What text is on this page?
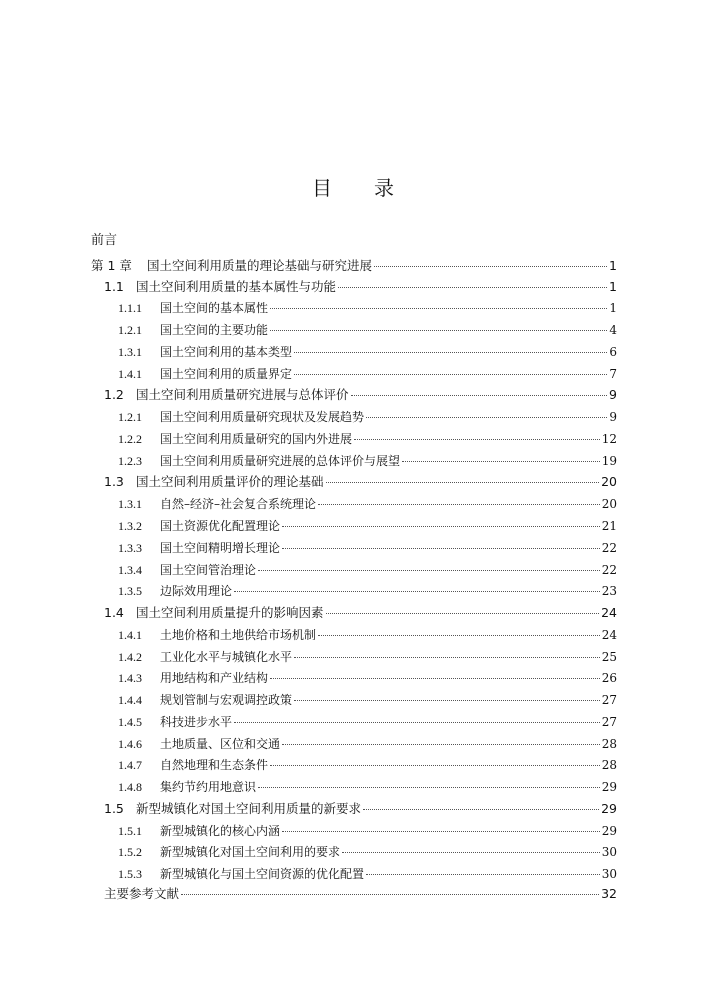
目 录
前言
第 1 章	国土空间利用质量的理论基础与研究进展	1
1.1 国土空间利用质量的基本属性与功能	1
1.1.1	国土空间的基本属性	1
1.2.1	国土空间的主要功能	4
1.3.1	国土空间利用的基本类型	6
1.4.1	国土空间利用的质量界定	7
1.2 国土空间利用质量研究进展与总体评价	9
1.2.1	国土空间利用质量研究现状及发展趋势	9
1.2.2	国土空间利用质量研究的国内外进展	12
1.2.3	国土空间利用质量研究进展的总体评价与展望	19
1.3 国土空间利用质量评价的理论基础	20
1.3.1	自然–经济–社会复合系统理论	20
1.3.2	国土资源优化配置理论	21
1.3.3	国土空间精明增长理论	22
1.3.4	国土空间管治理论	22
1.3.5	边际效用理论	23
1.4 国土空间利用质量提升的影响因素	24
1.4.1	土地价格和土地供给市场机制	24
1.4.2	工业化水平与城镇化水平	25
1.4.3	用地结构和产业结构	26
1.4.4	规划管制与宏观调控政策	27
1.4.5	科技进步水平	27
1.4.6	土地质量、区位和交通	28
1.4.7	自然地理和生态条件	28
1.4.8	集约节约用地意识	29
1.5 新型城镇化对国土空间利用质量的新要求	29
1.5.1	新型城镇化的核心内涵	29
1.5.2	新型城镇化对国土空间利用的要求	30
1.5.3	新型城镇化与国土空间资源的优化配置	30
主要参考文献	32
